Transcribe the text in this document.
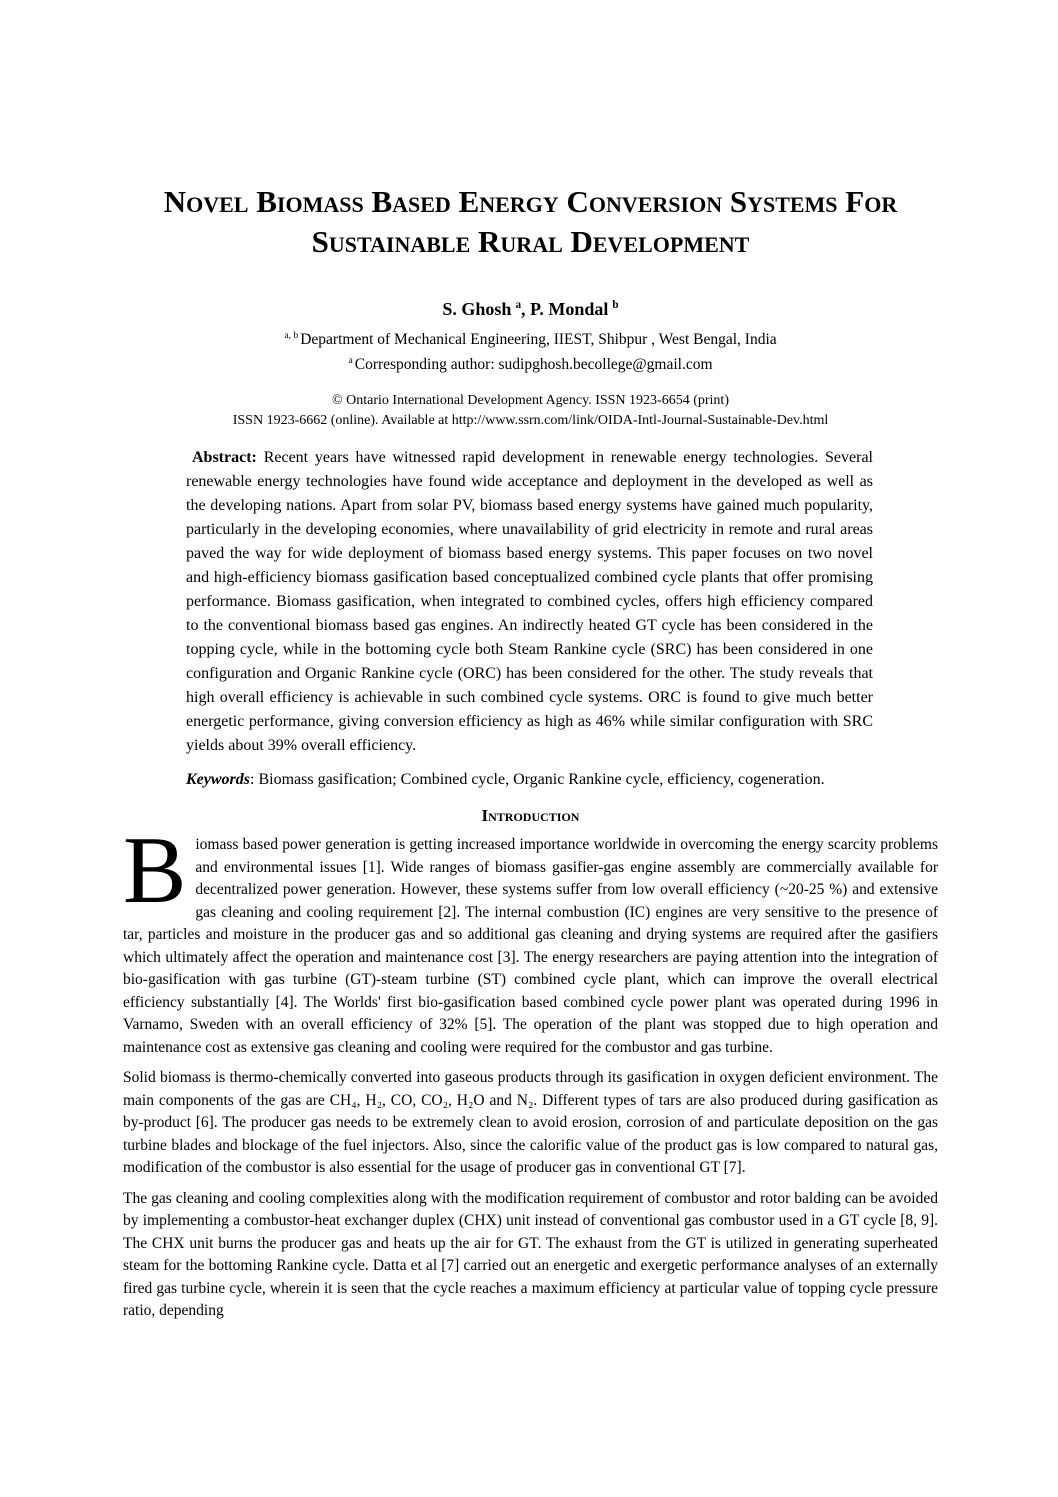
Novel Biomass Based Energy Conversion Systems For
Sustainable Rural Development
S. Ghosh $^a$, P. Mondal $^b$
$^{a, b}$ Department of Mechanical Engineering, IIEST, Shibpur , West Bengal, India
$^a$ Corresponding author: sudipghosh.becollege@gmail.com
© Ontario International Development Agency. ISSN 1923-6654 (print)
ISSN 1923-6662 (online). Available at http://www.ssrn.com/link/OIDA-Intl-Journal-Sustainable-Dev.html

Abstract: Recent years have witnessed rapid development in renewable energy technologies. Several renewable energy technologies have found wide acceptance and deployment in the developed as well as the developing nations. Apart from solar PV, biomass based energy systems have gained much popularity, particularly in the developing economies, where unavailability of grid electricity in remote and rural areas paved the way for wide deployment of biomass based energy systems. This paper focuses on two novel and high-efficiency biomass gasification based conceptualized combined cycle plants that offer promising performance. Biomass gasification, when integrated to combined cycles, offers high efficiency compared to the conventional biomass based gas engines. An indirectly heated GT cycle has been considered in the topping cycle, while in the bottoming cycle both Steam Rankine cycle (SRC) has been considered in one configuration and Organic Rankine cycle (ORC) has been considered for the other. The study reveals that high overall efficiency is achievable in such combined cycle systems. ORC is found to give much better energetic performance, giving conversion efficiency as high as 46% while similar configuration with SRC yields about 39% overall efficiency.

Keywords: Biomass gasification; Combined cycle, Organic Rankine cycle, efficiency, cogeneration.

Introduction

Biomass based power generation is getting increased importance worldwide in overcoming the energy scarcity problems and environmental issues [1]. Wide ranges of biomass gasifier-gas engine assembly are commercially available for decentralized power generation. However, these systems suffer from low overall efficiency (~20-25 %) and extensive gas cleaning and cooling requirement [2]. The internal combustion (IC) engines are very sensitive to the presence of tar, particles and moisture in the producer gas and so additional gas cleaning and drying systems are required after the gasifiers which ultimately affect the operation and maintenance cost [3]. The energy researchers are paying attention into the integration of bio-gasification with gas turbine (GT)-steam turbine (ST) combined cycle plant, which can improve the overall electrical efficiency substantially [4]. The Worlds' first bio-gasification based combined cycle power plant was operated during 1996 in Varnamo, Sweden with an overall efficiency of 32% [5]. The operation of the plant was stopped due to high operation and maintenance cost as extensive gas cleaning and cooling were required for the combustor and gas turbine.

Solid biomass is thermo-chemically converted into gaseous products through its gasification in oxygen deficient environment. The main components of the gas are CH₄, H₂, CO, CO₂, H₂O and N₂. Different types of tars are also produced during gasification as by-product [6]. The producer gas needs to be extremely clean to avoid erosion, corrosion of and particulate deposition on the gas turbine blades and blockage of the fuel injectors. Also, since the calorific value of the product gas is low compared to natural gas, modification of the combustor is also essential for the usage of producer gas in conventional GT [7].

The gas cleaning and cooling complexities along with the modification requirement of combustor and rotor balding can be avoided by implementing a combustor-heat exchanger duplex (CHX) unit instead of conventional gas combustor used in a GT cycle [8, 9]. The CHX unit burns the producer gas and heats up the air for GT. The exhaust from the GT is utilized in generating superheated steam for the bottoming Rankine cycle. Datta et al [7] carried out an energetic and exergetic performance analyses of an externally fired gas turbine cycle, wherein it is seen that the cycle reaches a maximum efficiency at particular value of topping cycle pressure ratio, depending
